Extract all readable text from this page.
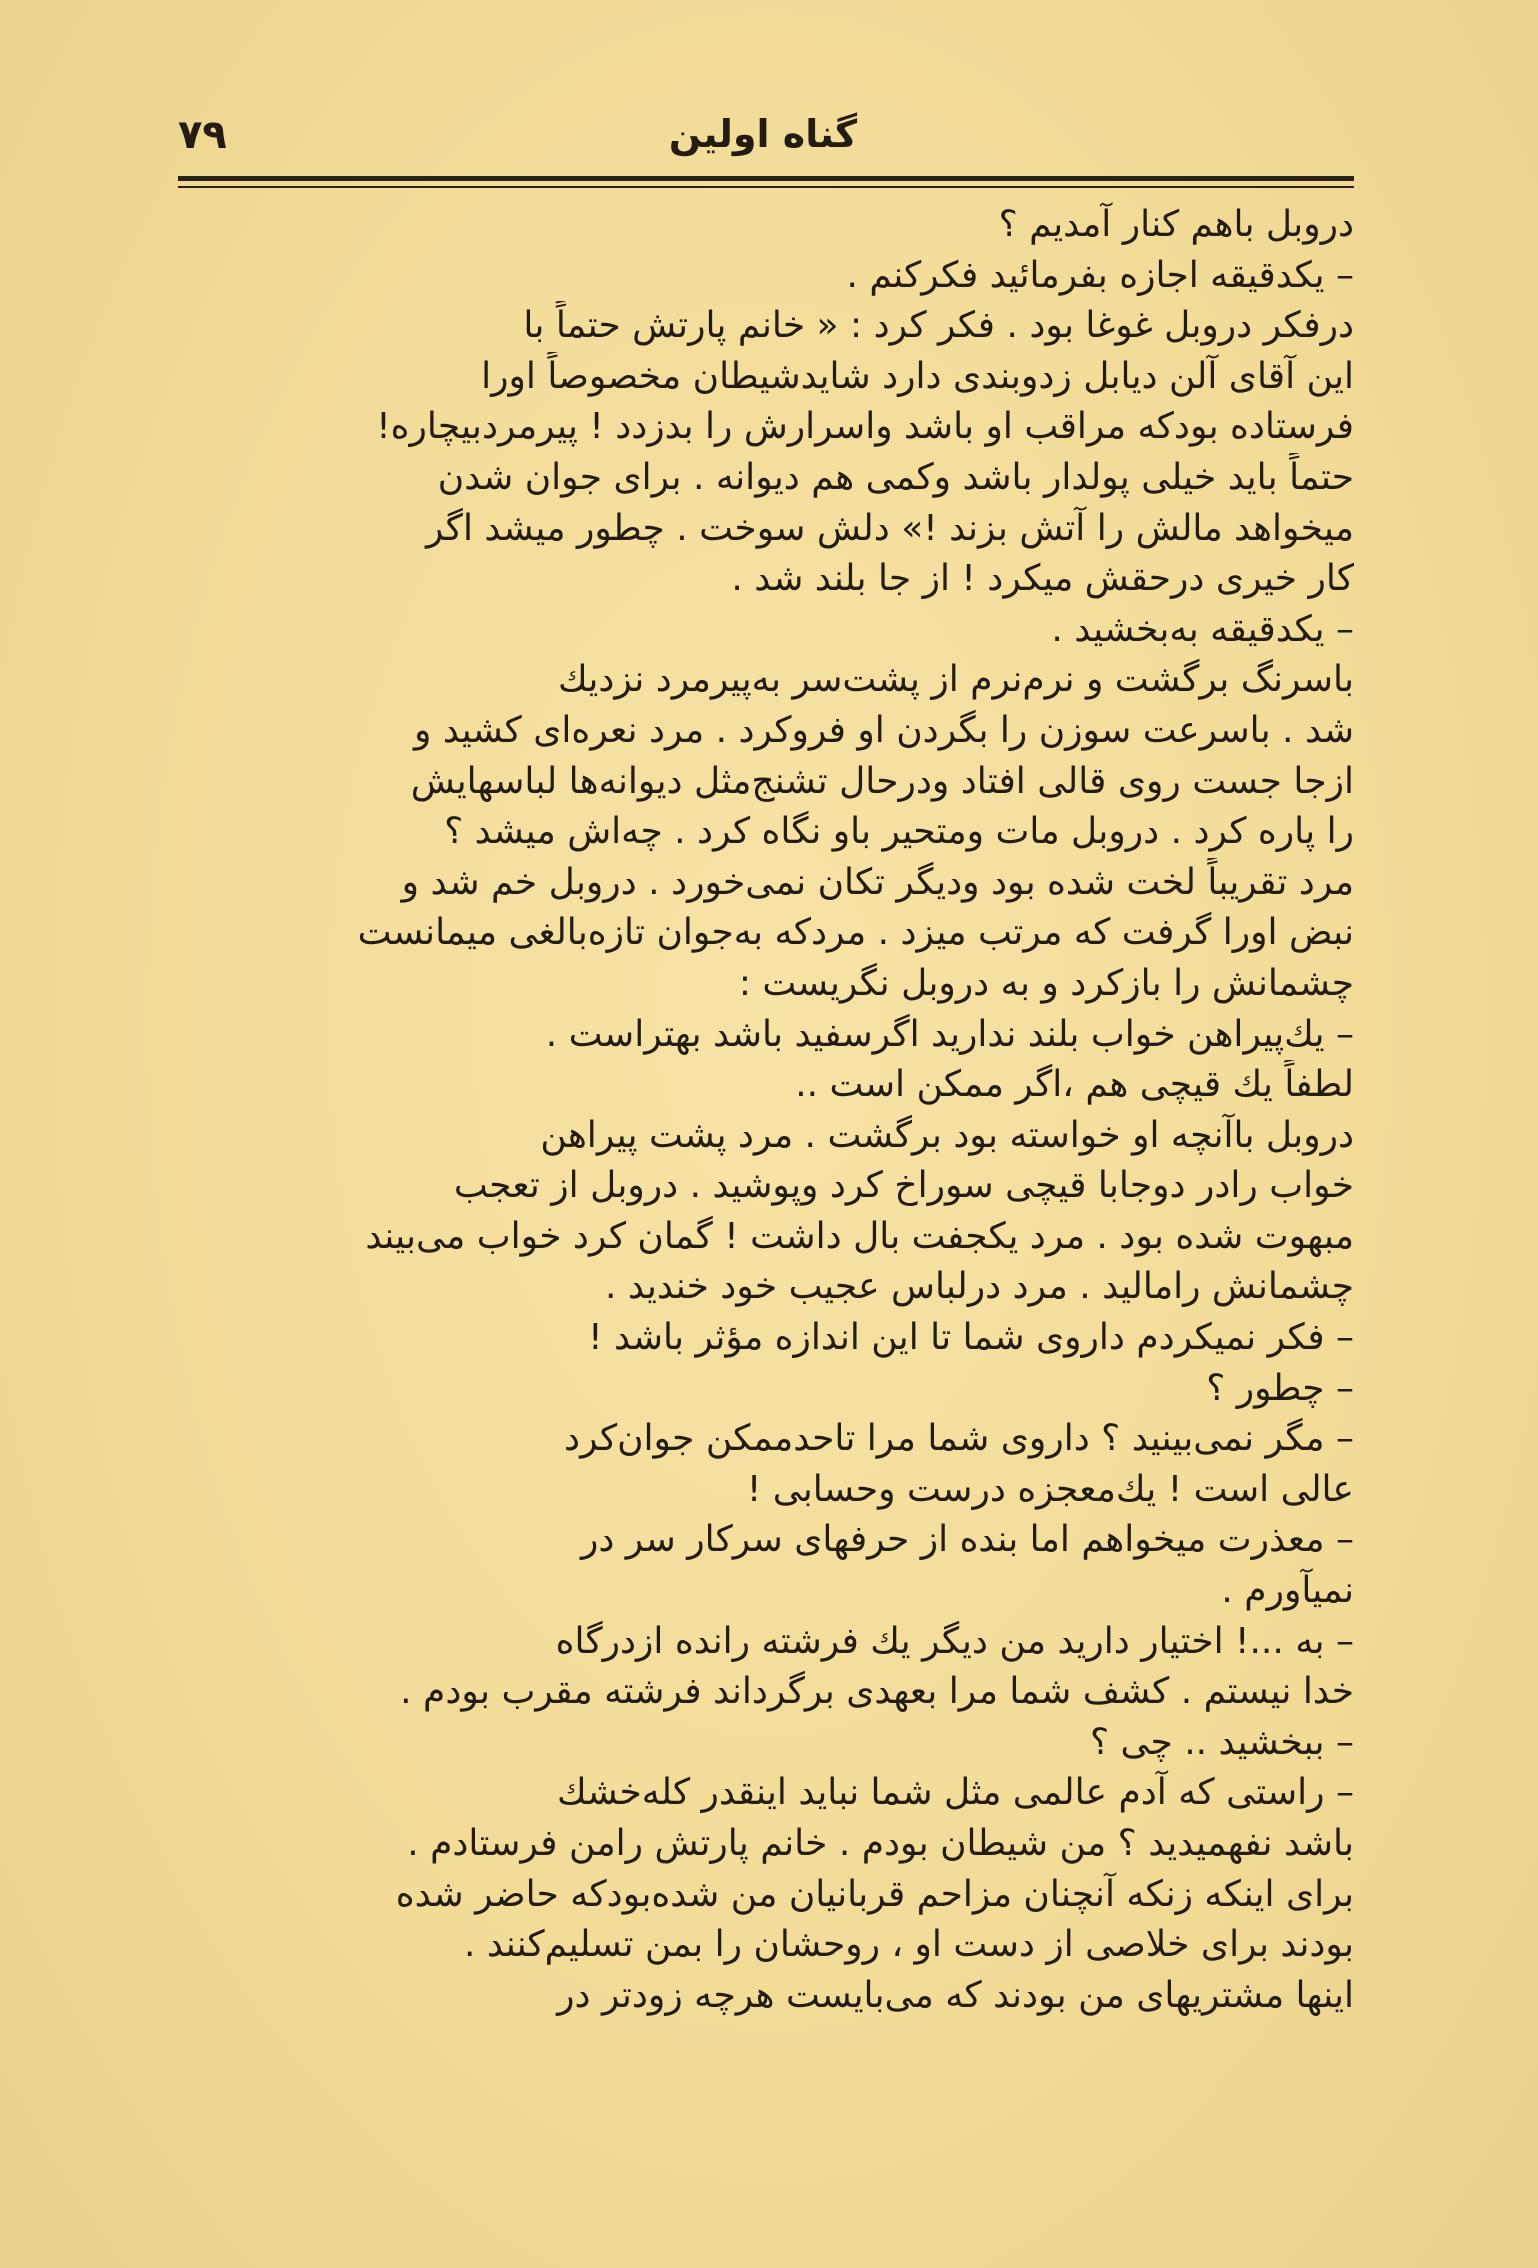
۷۹	گناه اولین
دروبل باهم کنار آمدیم ؟
– یکدقیقه اجازه بفرمائید فکرکنم .
درفکر دروبل غوغا بود . فکر کرد : « خانم پارتش حتماً با
این آقای آلن دیابل زدوبندی دارد شایدشیطان مخصوصاً اورا
فرستاده بودکه مراقب او باشد واسرارش را بدزدد ! پیرمردبیچاره!
حتماً باید خیلی پولدار باشد وکمی هم دیوانه . برای جوان شدن
میخواهد مالش را آتش بزند !» دلش سوخت . چطور میشد اگر
کار خیری درحقش میکرد ! از جا بلند شد .
– یکدقیقه به‌بخشید .
باسرنگ برگشت و نرم‌نرم از پشت‌سر به‌پیرمرد نزدیك
شد . باسرعت سوزن را بگردن او فروکرد . مرد نعره‌ای کشید و
ازجا جست روی قالی افتاد ودرحال تشنج‌مثل دیوانه‌ها لباسهایش
را پاره کرد . دروبل مات ومتحیر باو نگاه کرد . چه‌اش میشد ؟
مرد تقریباً لخت شده بود ودیگر تکان نمی‌خورد . دروبل خم شد و
نبض اورا گرفت که مرتب میزد . مردکه به‌جوان تازه‌بالغی میمانست
چشمانش را بازکرد و به دروبل نگریست :
– یك‌پیراهن خواب بلند ندارید اگرسفید باشد بهتراست .
لطفاً یك قیچی هم ،اگر ممکن است ..
دروبل باآنچه او خواسته بود برگشت . مرد پشت پیراهن
خواب رادر دوجابا قیچی سوراخ کرد وپوشید . دروبل از تعجب
مبهوت شده بود . مرد یکجفت بال داشت ! گمان کرد خواب می‌بیند
چشمانش رامالید . مرد درلباس عجیب خود خندید .
– فکر نمیکردم داروی شما تا این اندازه مؤثر باشد !
– چطور ؟
– مگر نمی‌بینید ؟ داروی شما مرا تاحدممکن جوان‌کرد
عالی است ! یك‌معجزه درست وحسابی !
– معذرت میخواهم اما بنده از حرفهای سرکار سر در
نمیآورم .
– به ...! اختیار دارید من دیگر یك فرشته رانده ازدرگاه
خدا نیستم . کشف شما مرا بعهدی برگرداند فرشته مقرب بودم .
– ببخشید .. چی ؟
– راستی که آدم عالمی مثل شما نباید اینقدر کله‌خشك
باشد نفهمیدید ؟ من شیطان بودم . خانم پارتش رامن فرستادم .
برای اینکه زنکه آنچنان مزاحم قربانیان من شده‌بودکه حاضر شده
بودند برای خلاصی از دست او ، روحشان را بمن تسلیم‌کنند .
اینها مشتریهای من بودند که می‌بایست هرچه زودتر در
